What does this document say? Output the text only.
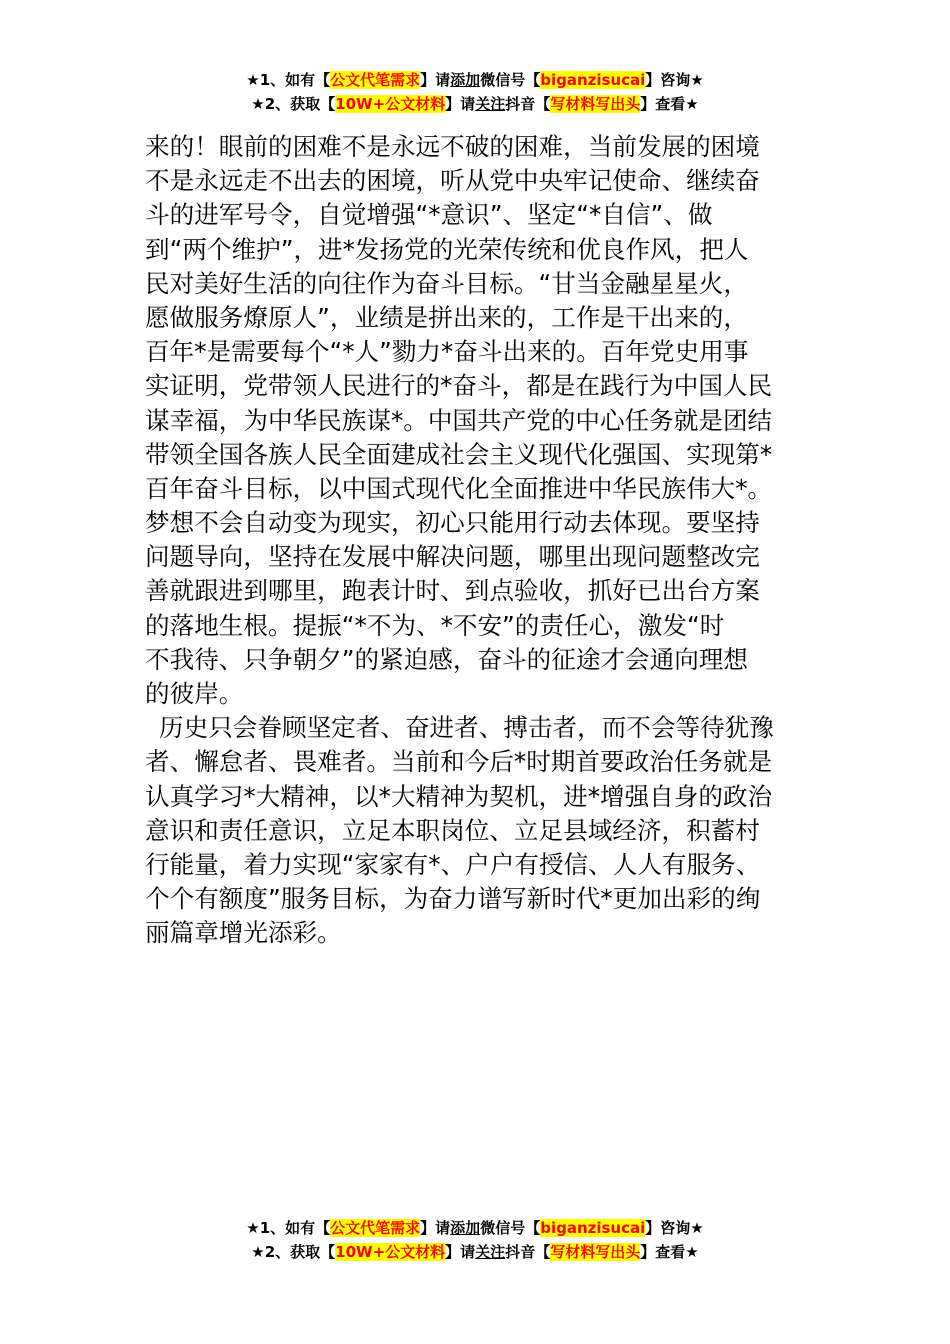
★1、如有【公文代笔需求】请添加微信号【biganzisucai】咨询★
★2、获取【10W+公文材料】请关注抖音【写材料写出头】查看★
来的！眼前的困难不是永远不破的困难，当前发展的困境
不是永远走不出去的困境，听从党中央牢记使命、继续奋
斗的进军号令，自觉增强“*意识”、坚定“*自信”、做
到“两个维护”，进*发扬党的光荣传统和优良作风，把人
民对美好生活的向往作为奋斗目标。“甘当金融星星火，
愿做服务燎原人”，业绩是拼出来的，工作是干出来的，
百年*是需要每个“*人”勠力*奋斗出来的。百年党史用事
实证明，党带领人民进行的*奋斗，都是在践行为中国人民
谋幸福，为中华民族谋*。中国共产党的中心任务就是团结
带领全国各族人民全面建成社会主义现代化强国、实现第*
百年奋斗目标，以中国式现代化全面推进中华民族伟大*。
梦想不会自动变为现实，初心只能用行动去体现。要坚持
问题导向，坚持在发展中解决问题，哪里出现问题整改完
善就跟进到哪里，跑表计时、到点验收，抓好已出台方案
的落地生根。提振“*不为、*不安”的责任心，激发“时
不我待、只争朝夕”的紧迫感，奋斗的征途才会通向理想
的彼岸。
历史只会眷顾坚定者、奋进者、搏击者，而不会等待犹豫
者、懈怠者、畏难者。当前和今后*时期首要政治任务就是
认真学习*大精神，以*大精神为契机，进*增强自身的政治
意识和责任意识，立足本职岗位、立足县域经济，积蓄村
行能量，着力实现“家家有*、户户有授信、人人有服务、
个个有额度”服务目标，为奋力谱写新时代*更加出彩的绚
丽篇章增光添彩。
★1、如有【公文代笔需求】请添加微信号【biganzisucai】咨询★
★2、获取【10W+公文材料】请关注抖音【写材料写出头】查看★
